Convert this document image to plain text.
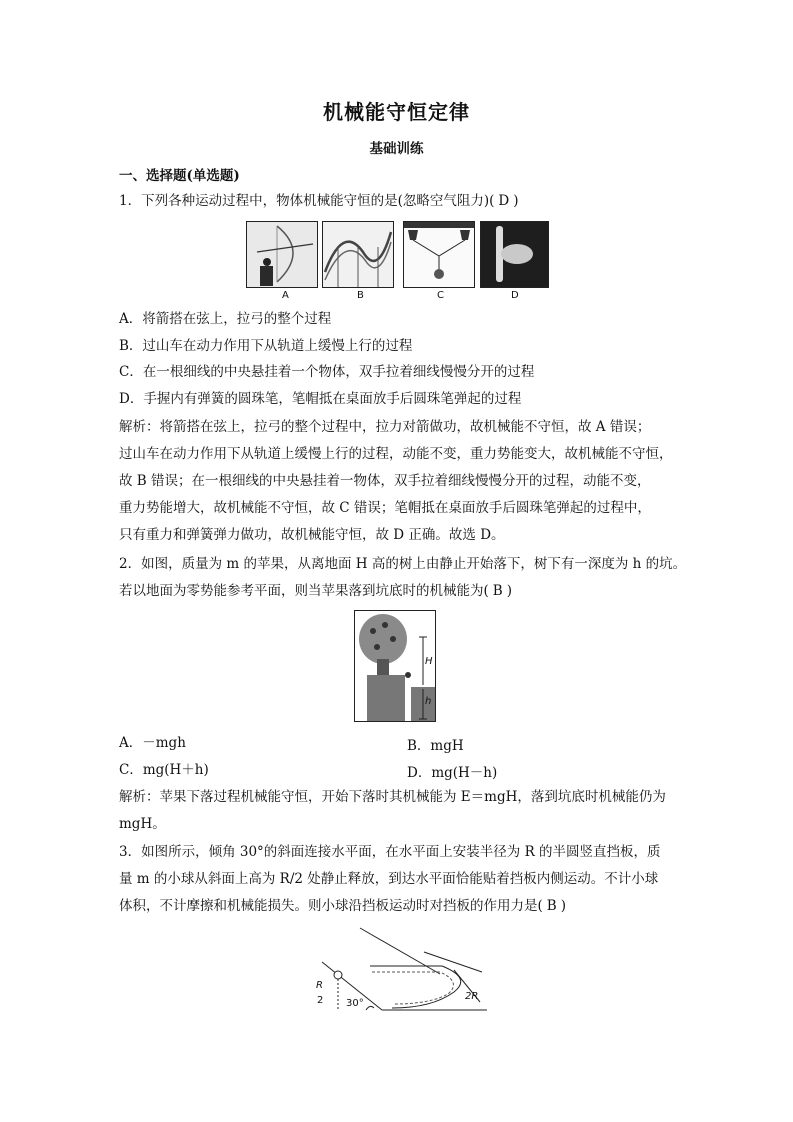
机械能守恒定律
基础训练
一、选择题(单选题)
1．下列各种运动过程中，物体机械能守恒的是(忽略空气阻力)( D )
A	B	C	D
A．将箭搭在弦上，拉弓的整个过程
B．过山车在动力作用下从轨道上缓慢上行的过程
C．在一根细线的中央悬挂着一个物体，双手拉着细线慢慢分开的过程
D．手握内有弹簧的圆珠笔，笔帽抵在桌面放手后圆珠笔弹起的过程
解析：将箭搭在弦上，拉弓的整个过程中，拉力对箭做功，故机械能不守恒，故 A 错误；
过山车在动力作用下从轨道上缓慢上行的过程，动能不变，重力势能变大，故机械能不守恒，
故 B 错误；在一根细线的中央悬挂着一物体，双手拉着细线慢慢分开的过程，动能不变，
重力势能增大，故机械能不守恒，故 C 错误；笔帽抵在桌面放手后圆珠笔弹起的过程中，
只有重力和弹簧弹力做功，故机械能守恒，故 D 正确。故选 D。
2．如图，质量为 m 的苹果，从离地面 H 高的树上由静止开始落下，树下有一深度为 h 的坑。
若以地面为零势能参考平面，则当苹果落到坑底时的机械能为( B )
H
h
A．－mgh	B．mgH
C．mg(H＋h)	D．mg(H－h)
解析：苹果下落过程机械能守恒，开始下落时其机械能为 E＝mgH，落到坑底时机械能仍为
mgH。
3．如图所示，倾角 30°的斜面连接水平面，在水平面上安装半径为 R 的半圆竖直挡板，质
量 m 的小球从斜面上高为 R/2 处静止释放，到达水平面恰能贴着挡板内侧运动。不计小球
体积，不计摩擦和机械能损失。则小球沿挡板运动时对挡板的作用力是( B )
R
2 30°
2R
